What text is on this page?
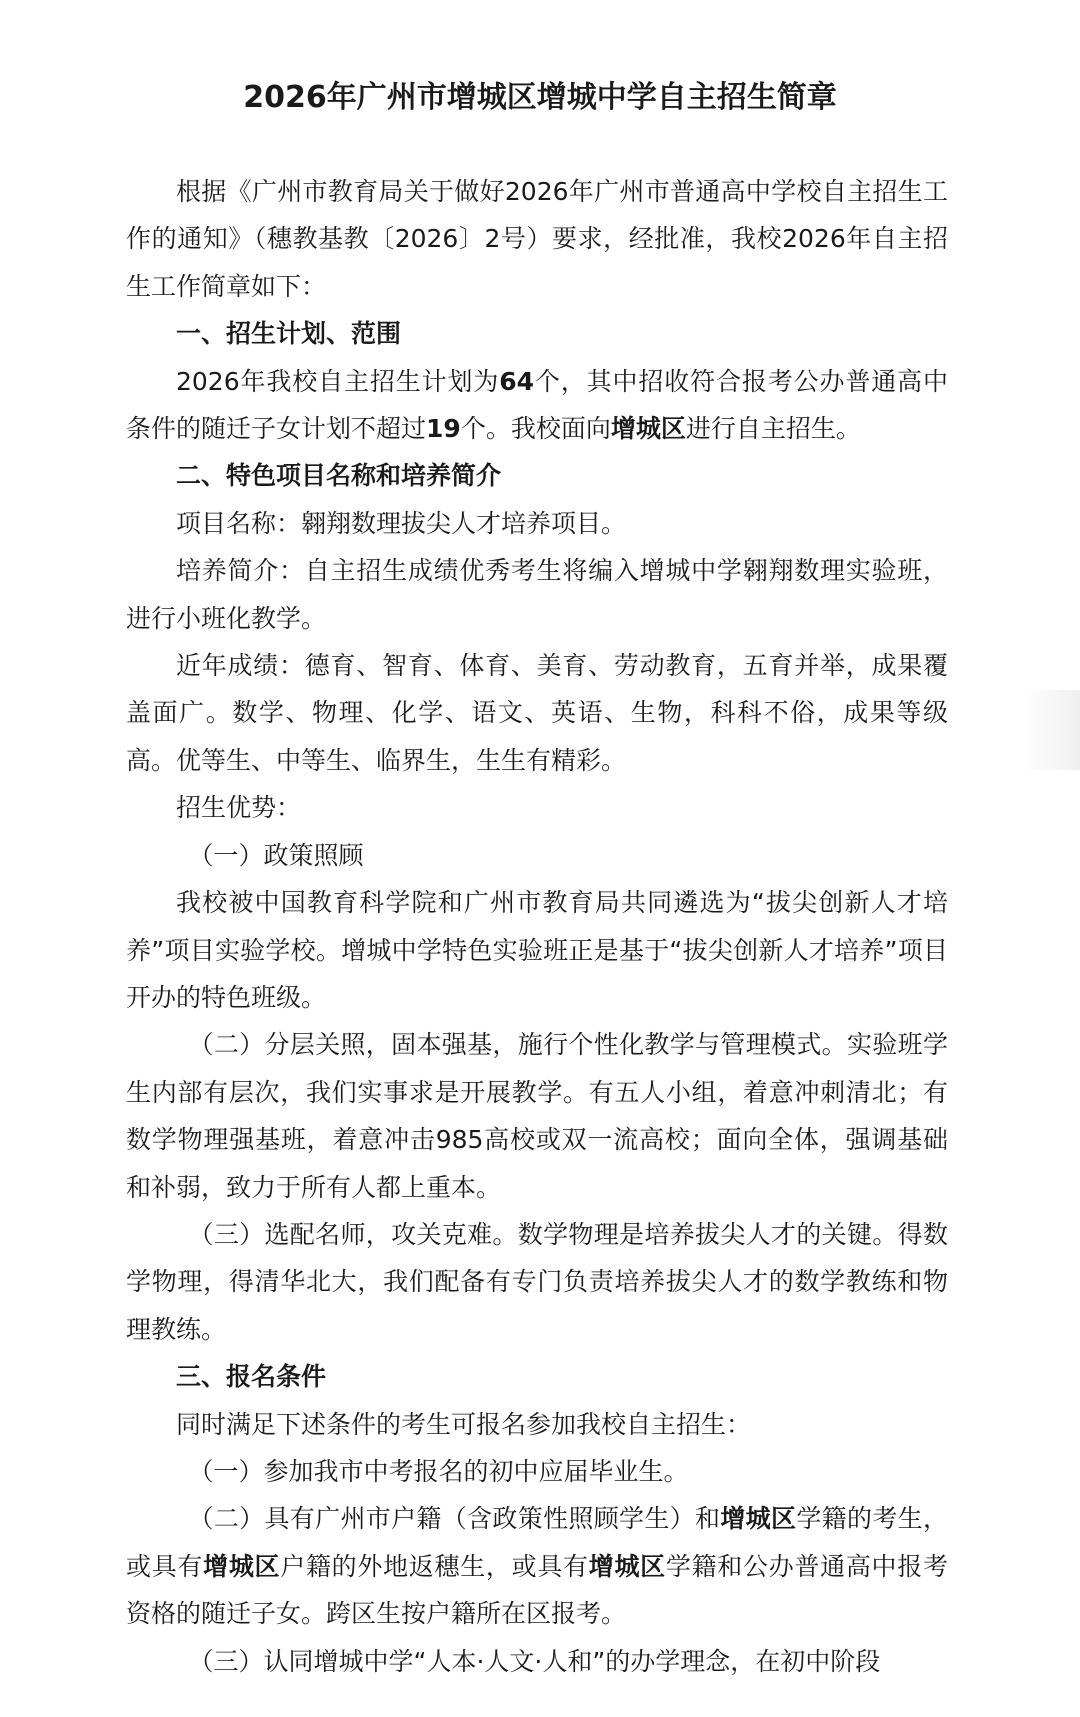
2026年广州市增城区增城中学自主招生简章

根据《广州市教育局关于做好2026年广州市普通高中学校自主招生工作的通知》（穗教基教〔2026〕2号）要求，经批准，我校2026年自主招生工作简章如下：

一、招生计划、范围

2026年我校自主招生计划为64个，其中招收符合报考公办普通高中条件的随迁子女计划不超过19个。我校面向增城区进行自主招生。

二、特色项目名称和培养简介

项目名称：翱翔数理拔尖人才培养项目。

培养简介：自主招生成绩优秀考生将编入增城中学翱翔数理实验班，进行小班化教学。

近年成绩：德育、智育、体育、美育、劳动教育，五育并举，成果覆盖面广。数学、物理、化学、语文、英语、生物，科科不俗，成果等级高。优等生、中等生、临界生，生生有精彩。

招生优势：

（一）政策照顾

我校被中国教育科学院和广州市教育局共同遴选为“拔尖创新人才培养”项目实验学校。增城中学特色实验班正是基于“拔尖创新人才培养”项目开办的特色班级。

（二）分层关照，固本强基，施行个性化教学与管理模式。实验班学生内部有层次，我们实事求是开展教学。有五人小组，着意冲刺清北；有数学物理强基班，着意冲击985高校或双一流高校；面向全体，强调基础和补弱，致力于所有人都上重本。

（三）选配名师，攻关克难。数学物理是培养拔尖人才的关键。得数学物理，得清华北大，我们配备有专门负责培养拔尖人才的数学教练和物理教练。

三、报名条件

同时满足下述条件的考生可报名参加我校自主招生：

（一）参加我市中考报名的初中应届毕业生。

（二）具有广州市户籍（含政策性照顾学生）和增城区学籍的考生，或具有增城区户籍的外地返穗生，或具有增城区学籍和公办普通高中报考资格的随迁子女。跨区生按户籍所在区报考。

（三）认同增城中学“人本·人文·人和”的办学理念，在初中阶段
